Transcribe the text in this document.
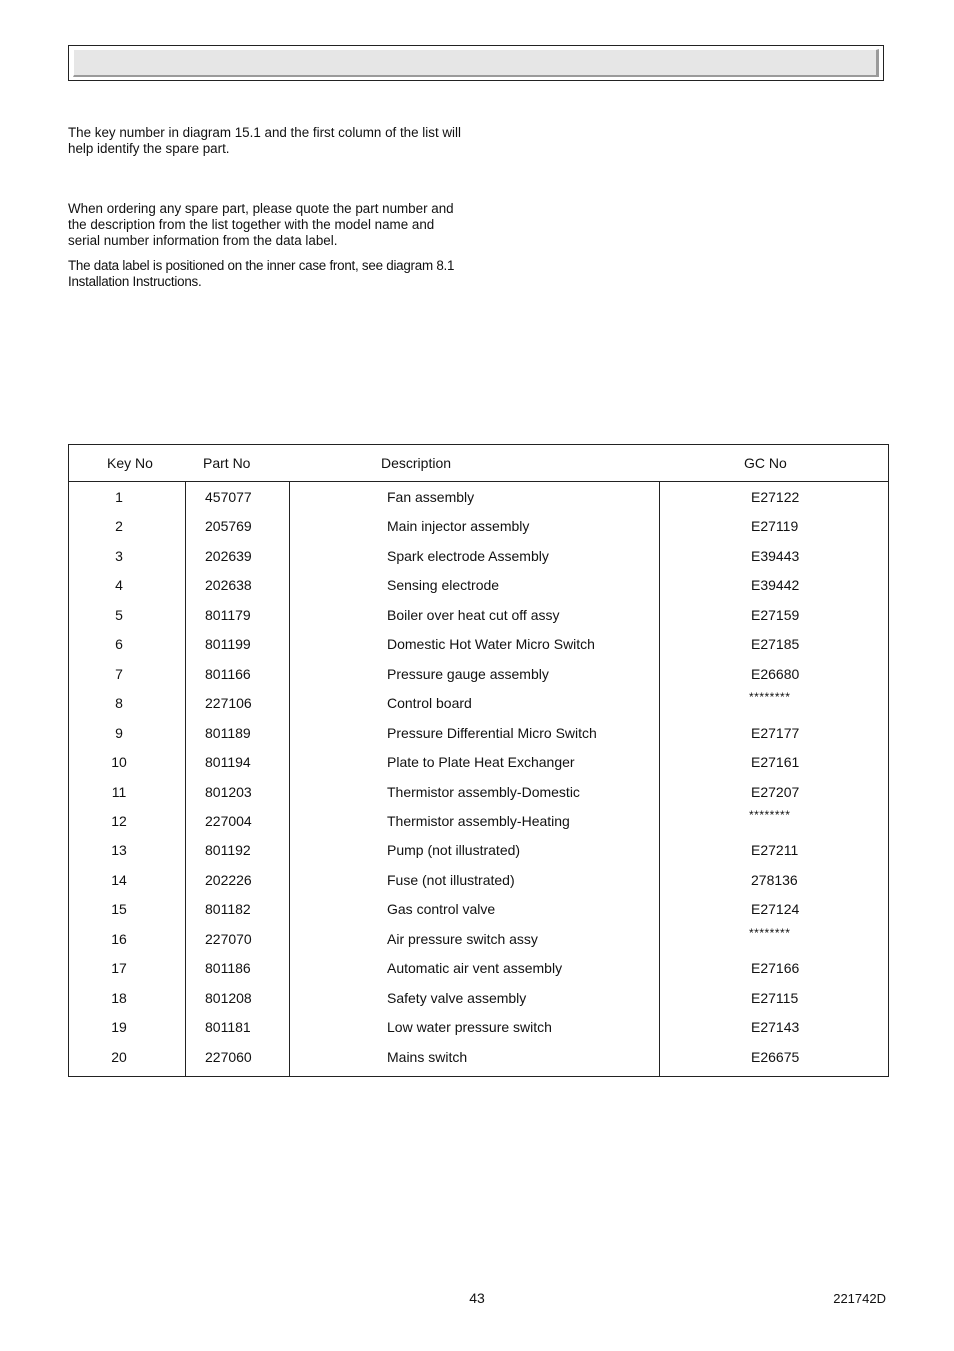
The key number in diagram 15.1 and the first column of the list will help identify the spare part.

When ordering any spare part, please quote the part number and the description from the list together with the model name and serial number information from the data label.

The data label is positioned on the inner case front, see diagram 8.1 Installation Instructions.

Key No	Part No	Description	GC No
1	457077	Fan assembly	E27122
2	205769	Main injector assembly	E27119
3	202639	Spark electrode Assembly	E39443
4	202638	Sensing electrode	E39442
5	801179	Boiler over heat cut off assy	E27159
6	801199	Domestic Hot Water Micro Switch	E27185
7	801166	Pressure gauge assembly	E26680
8	227106	Control board	********
9	801189	Pressure Differential Micro Switch	E27177
10	801194	Plate to Plate Heat Exchanger	E27161
11	801203	Thermistor assembly-Domestic	E27207
12	227004	Thermistor assembly-Heating	********
13	801192	Pump (not illustrated)	E27211
14	202226	Fuse (not illustrated)	278136
15	801182	Gas control valve	E27124
16	227070	Air pressure switch assy	********
17	801186	Automatic air vent assembly	E27166
18	801208	Safety valve assembly	E27115
19	801181	Low water pressure switch	E27143
20	227060	Mains switch	E26675
43	221742D
